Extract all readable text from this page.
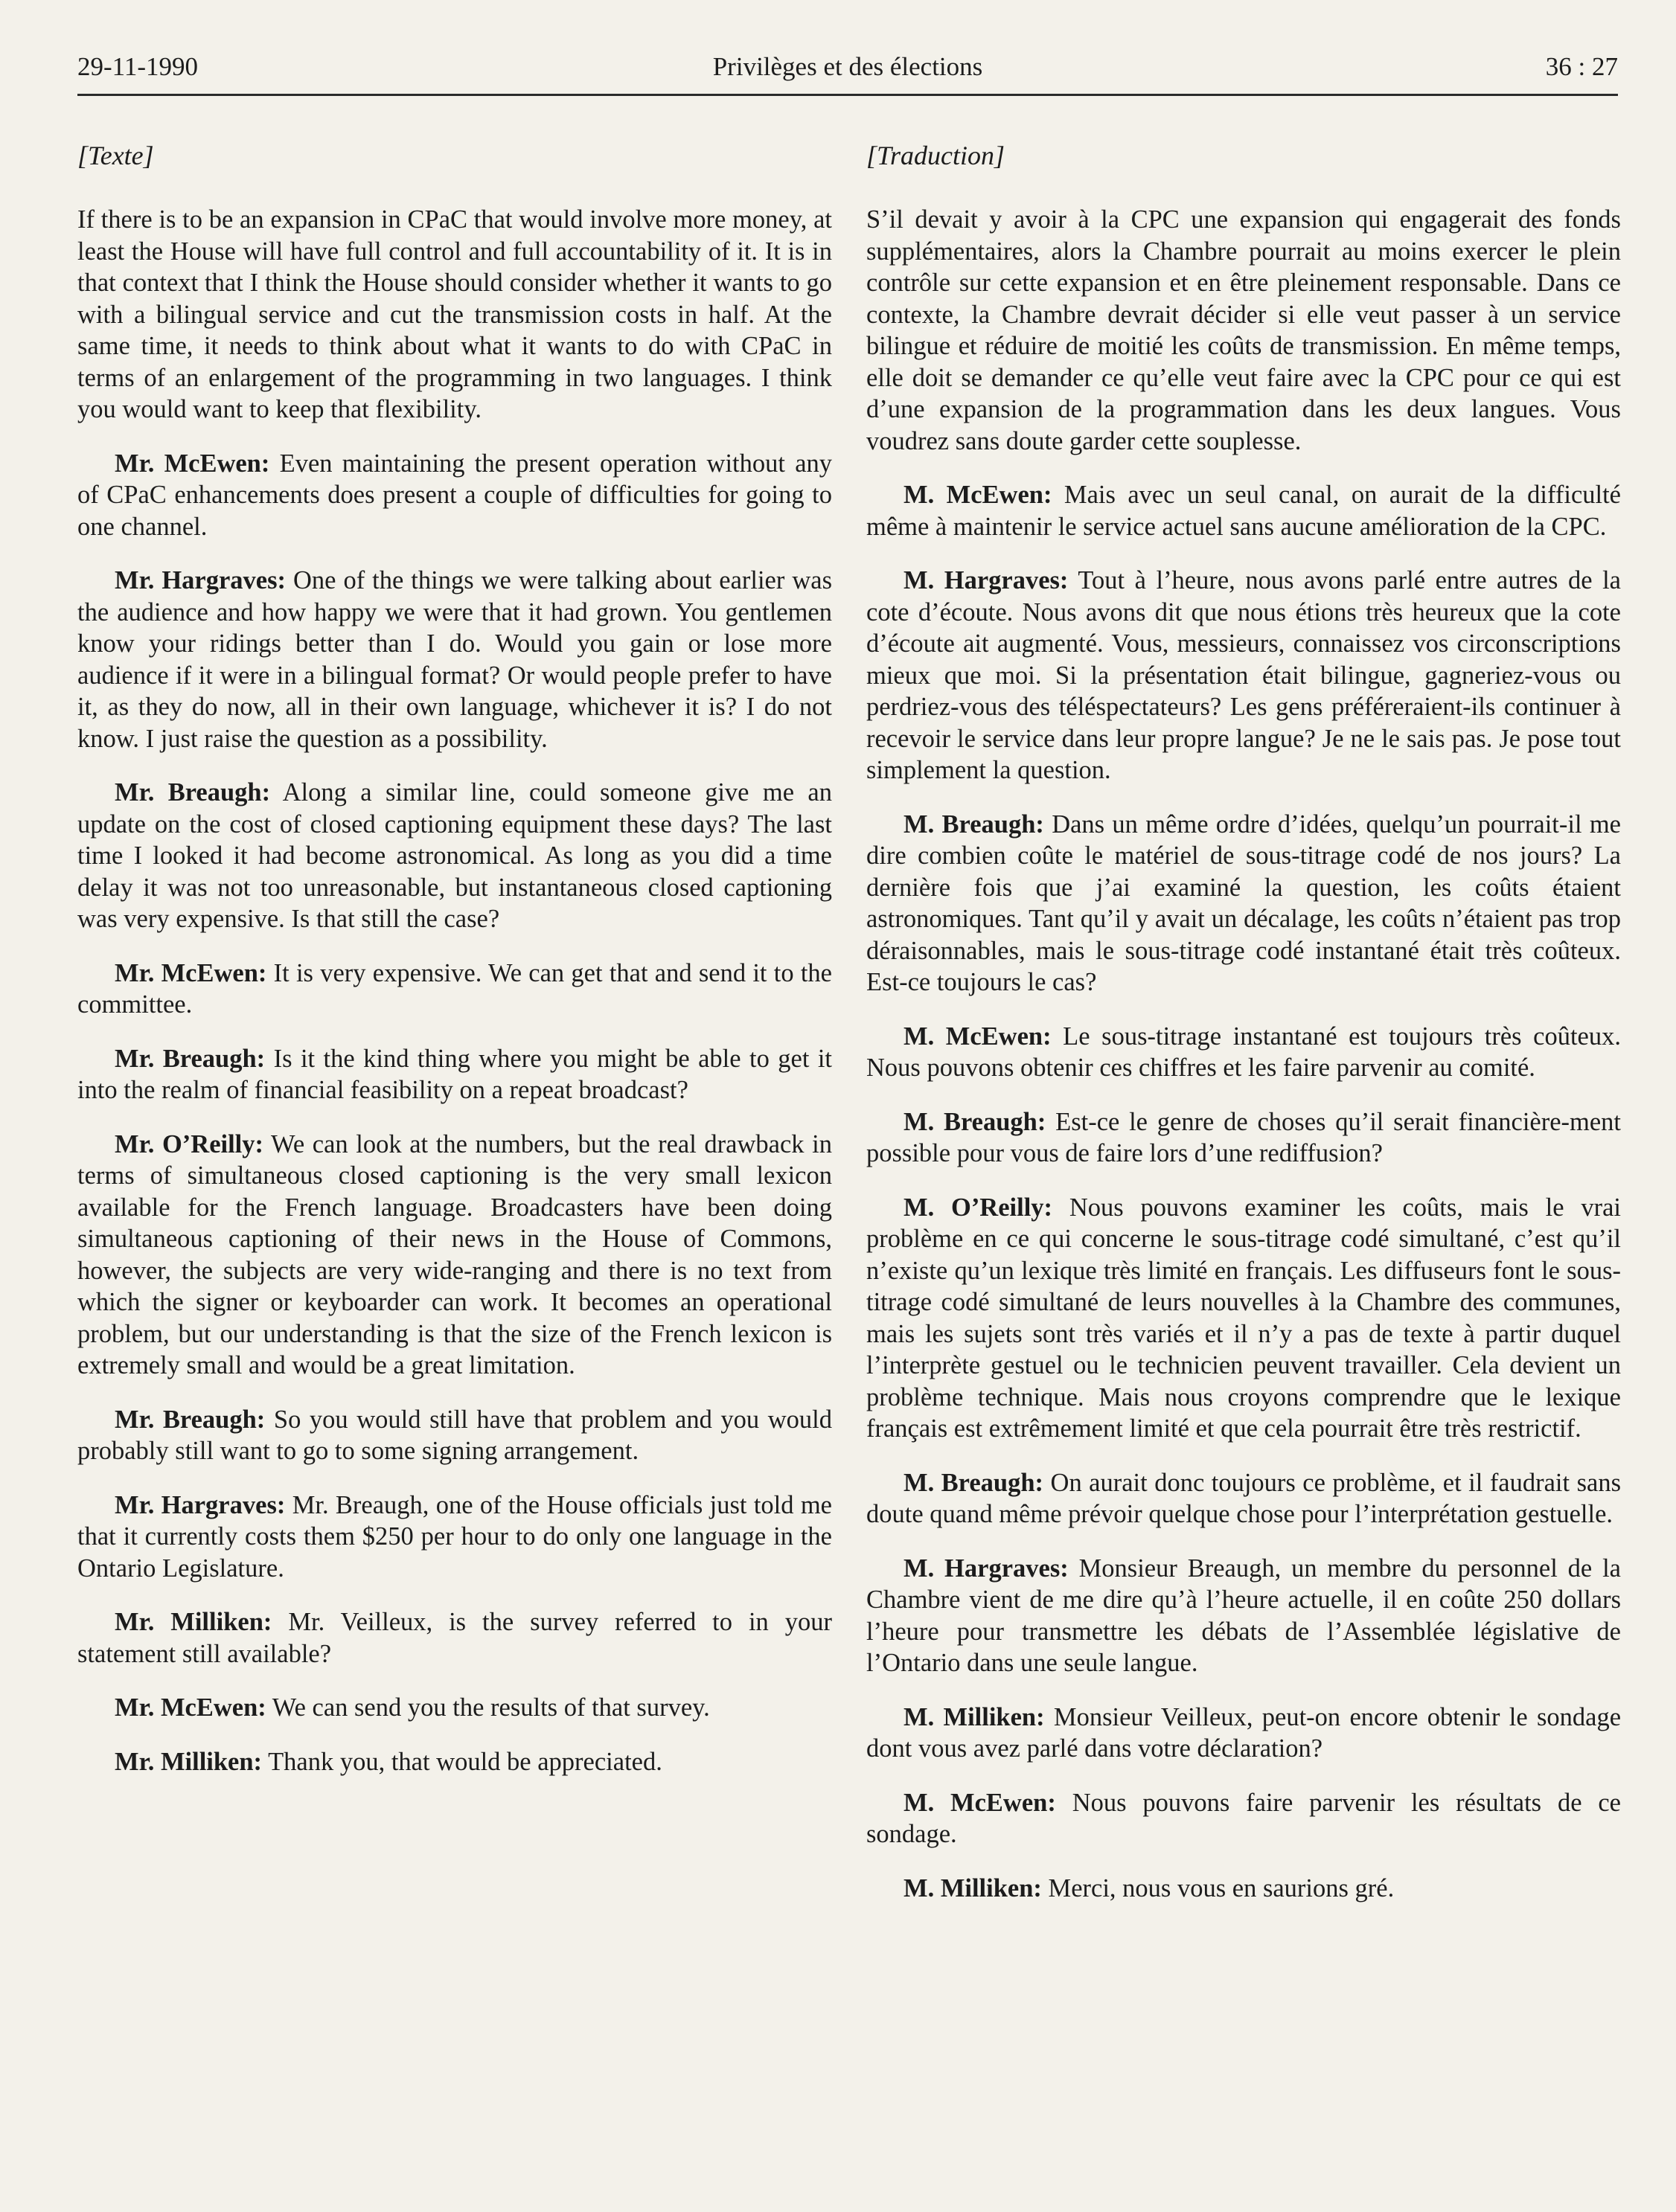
29-11-1990	Privilèges et des élections	36 : 27
[Texte]

If there is to be an expansion in CPaC that would involve more money, at least the House will have full control and full accountability of it. It is in that context that I think the House should consider whether it wants to go with a bilingual service and cut the transmission costs in half. At the same time, it needs to think about what it wants to do with CPaC in terms of an enlargement of the programming in two languages. I think you would want to keep that flexibility.

Mr. McEwen: Even maintaining the present operation without any of CPaC enhancements does present a couple of difficulties for going to one channel.

Mr. Hargraves: One of the things we were talking about earlier was the audience and how happy we were that it had grown. You gentlemen know your ridings better than I do. Would you gain or lose more audience if it were in a bilingual format? Or would people prefer to have it, as they do now, all in their own language, whichever it is? I do not know. I just raise the question as a possibility.

Mr. Breaugh: Along a similar line, could someone give me an update on the cost of closed captioning equipment these days? The last time I looked it had become astronomical. As long as you did a time delay it was not too unreasonable, but instantaneous closed captioning was very expensive. Is that still the case?

Mr. McEwen: It is very expensive. We can get that and send it to the committee.

Mr. Breaugh: Is it the kind thing where you might be able to get it into the realm of financial feasibility on a repeat broadcast?

Mr. O’Reilly: We can look at the numbers, but the real drawback in terms of simultaneous closed captioning is the very small lexicon available for the French language. Broadcasters have been doing simultaneous captioning of their news in the House of Commons, however, the subjects are very wide-ranging and there is no text from which the signer or keyboarder can work. It becomes an operational problem, but our understanding is that the size of the French lexicon is extremely small and would be a great limitation.

Mr. Breaugh: So you would still have that problem and you would probably still want to go to some signing arrangement.

Mr. Hargraves: Mr. Breaugh, one of the House officials just told me that it currently costs them $250 per hour to do only one language in the Ontario Legislature.

Mr. Milliken: Mr. Veilleux, is the survey referred to in your statement still available?

Mr. McEwen: We can send you the results of that survey.

Mr. Milliken: Thank you, that would be appreciated.

[Traduction]

S’il devait y avoir à la CPC une expansion qui engagerait des fonds supplémentaires, alors la Chambre pourrait au moins exercer le plein contrôle sur cette expansion et en être pleinement responsable. Dans ce contexte, la Chambre devrait décider si elle veut passer à un service bilingue et réduire de moitié les coûts de transmission. En même temps, elle doit se demander ce qu’elle veut faire avec la CPC pour ce qui est d’une expansion de la programmation dans les deux langues. Vous voudrez sans doute garder cette souplesse.

M. McEwen: Mais avec un seul canal, on aurait de la difficulté même à maintenir le service actuel sans aucune amélioration de la CPC.

M. Hargraves: Tout à l’heure, nous avons parlé entre autres de la cote d’écoute. Nous avons dit que nous étions très heureux que la cote d’écoute ait augmenté. Vous, messieurs, connaissez vos circonscriptions mieux que moi. Si la présentation était bilingue, gagneriez-vous ou perdriez-vous des téléspectateurs? Les gens préféreraient-ils continuer à recevoir le service dans leur propre langue? Je ne le sais pas. Je pose tout simplement la question.

M. Breaugh: Dans un même ordre d’idées, quelqu’un pourrait-il me dire combien coûte le matériel de sous-titrage codé de nos jours? La dernière fois que j’ai examiné la question, les coûts étaient astronomiques. Tant qu’il y avait un décalage, les coûts n’étaient pas trop déraisonnables, mais le sous-titrage codé instantané était très coûteux. Est-ce toujours le cas?

M. McEwen: Le sous-titrage instantané est toujours très coûteux. Nous pouvons obtenir ces chiffres et les faire parvenir au comité.

M. Breaugh: Est-ce le genre de choses qu’il serait financière-ment possible pour vous de faire lors d’une rediffusion?

M. O’Reilly: Nous pouvons examiner les coûts, mais le vrai problème en ce qui concerne le sous-titrage codé simultané, c’est qu’il n’existe qu’un lexique très limité en français. Les diffuseurs font le sous-titrage codé simultané de leurs nouvelles à la Chambre des communes, mais les sujets sont très variés et il n’y a pas de texte à partir duquel l’interprète gestuel ou le technicien peuvent travailler. Cela devient un problème technique. Mais nous croyons comprendre que le lexique français est extrêmement limité et que cela pourrait être très restrictif.

M. Breaugh: On aurait donc toujours ce problème, et il faudrait sans doute quand même prévoir quelque chose pour l’interprétation gestuelle.

M. Hargraves: Monsieur Breaugh, un membre du personnel de la Chambre vient de me dire qu’à l’heure actuelle, il en coûte 250 dollars l’heure pour transmettre les débats de l’Assemblée législative de l’Ontario dans une seule langue.

M. Milliken: Monsieur Veilleux, peut-on encore obtenir le sondage dont vous avez parlé dans votre déclaration?

M. McEwen: Nous pouvons faire parvenir les résultats de ce sondage.

M. Milliken: Merci, nous vous en saurions gré.
